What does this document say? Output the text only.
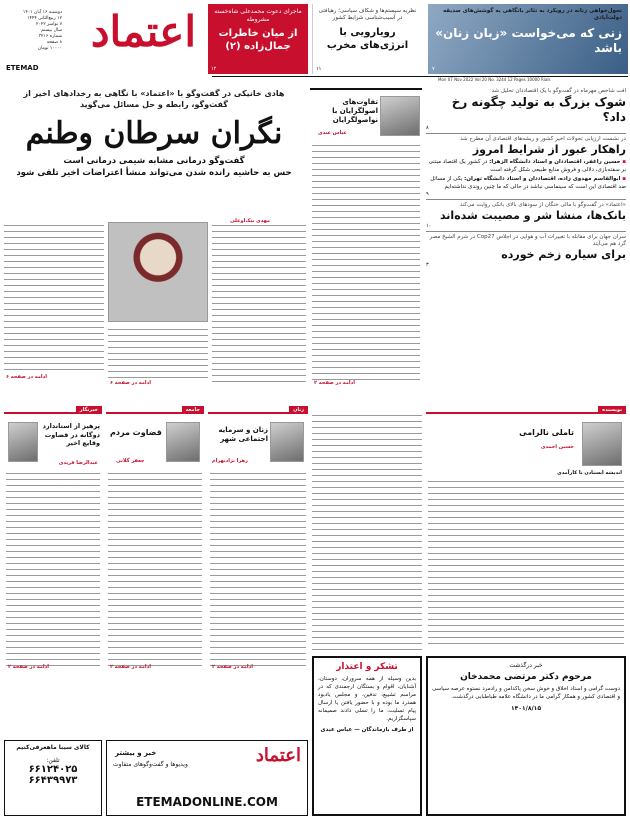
اعتماد
ETEMAD
دوشنبه ۱۶ آبان ۱۴۰۱
۱۲ ربیع‌الثانی ۱۴۴۴
۷ نوامبر ۲۰۲۲
سال بیستم
شماره ۳۲۱۶
۸ صفحه
۱۰۰۰۰ تومان
Mon 07 Nov 2022 Vol 20 No. 3244 12 Pages 10000 Rials
ماجرای دعوت محمدعلی شاه‌خسته‌ مشروطه
از میان خاطرات جمال‌زاده (۲)
۱۲
نظریه سیستم‌ها و شکاف سیاسی؛ رهیافتی در آسیب‌شناسی شرایط کشور
رویارویی با انرژی‌های مخرب
۱۱
تحول‌خواهی زنانه در رویکرد به تئاتر بانگاهی به گوشش‌های صدیقه دولت‌آبادی
زنی که می‌خواست «زبان زنان» باشد
۷
هادی خانیکی در گفت‌وگو با «اعتماد» با نگاهی به رخدادهای اخیر از گفت‌وگو، رابطه و حل مسائل می‌گوید
نگران سرطان وطنم
گفت‌وگو درمانی مشابه شیمی درمانی است
حس به حاشیه رانده شدن می‌تواند منشأ اعتراضات اخیر تلقی شود
مهدی بیک‌اوغلی
ادامه در صفحه ۶
ادامه در صفحه ۶
تفاوت‌های اصولگرایان با نواصولگرایان
عباس عبدی
ادامه در صفحه ۲
افت شاخص مهرماه در گفت‌وگو با یک اقتصاددان تحلیل شد
شوک بزرگ به تولید چگونه رخ داد؟
۸
در نشست ارزیابی تحولات اخیر کشور و ریشه‌های اقتصادی آن مطرح شد
راهکار عبور از شرایط امروز
▪ حسین راغفر، اقتصاددان و استاد دانشگاه الزهرا: در کشور یک اقتصاد مبتنی بر سفته‌بازی، دلالی و فروش منابع طبیعی شکل گرفته است
▪ ابوالقاسم مهدوی زاده، اقتصاددان و استاد دانشگاه تهران: یکی از مسائل ضد اقتصادی این است که سینماسی نباشد در حالی که ما چنین روندی نداشته‌ایم
۹
«اعتماد» در گفت‌وگو با مالی خنگان از سودهای بالای بانکی روایت می‌کند
بانک‌ها، منشا شر و مصیبت شده‌اند
۱۰
سران جهان برای مقابله با تغییرات آب و هوایی در اجلاس Cop27 در شرم الشیخ مصر گرد هم می‌آیند
برای سیاره زخم خورده
۳
نویسنده
تاملی نالرامی
حسین احمدی
اندیشه ایستادن نا کارآمدی
زنان
زنان و سرمایه اجتماعی شهر
زهرا نژادبهرام
ادامه در صفحه ۲
جامعه
قضاوت مردم
جعفر گلابی
ادامه در صفحه ۲
خبرنگار
پرهیز از استاندارد دوگانه در قضاوت وقایع اخیر
عبدالرضا فریدی
ادامه در صفحه ۲	خبر درگذشت
مرحوم دکتر مرتضی محمدخان
دوست گرامی و استاد اخلاق و خوش سخن پاکدامن و رادمرد نستوه عرصه سیاسی و اقتصادی کشور و همکار گرامی ما در دانشگاه علامه طباطبایی درگذشت.
۱۴۰۱/۸/۱۵
تشکر و اعتذار
بدین وسیله از همه سروران، دوستان، آشنایان، اقوام و بستگان ارجمندی که در مراسم تشییع، تدفین، و مجلس یادبود همدرد ما بوده و با حضور یافتن یا ارسال پیام تسلیت، ما را تسلی دادند صمیمانه سپاسگزاریم.
از طرف بازماندگان — عباس عبدی
اعتماد
خبر و بیشتر
ویدیوها و گفت‌وگوهای متفاوت
ETEMADONLINE.COM
کالای سیبا ماهعرفی‌کنیم
تلفن:
۶۶۱۲۴۰۲۵
۶۶۴۳۹۹۷۳
